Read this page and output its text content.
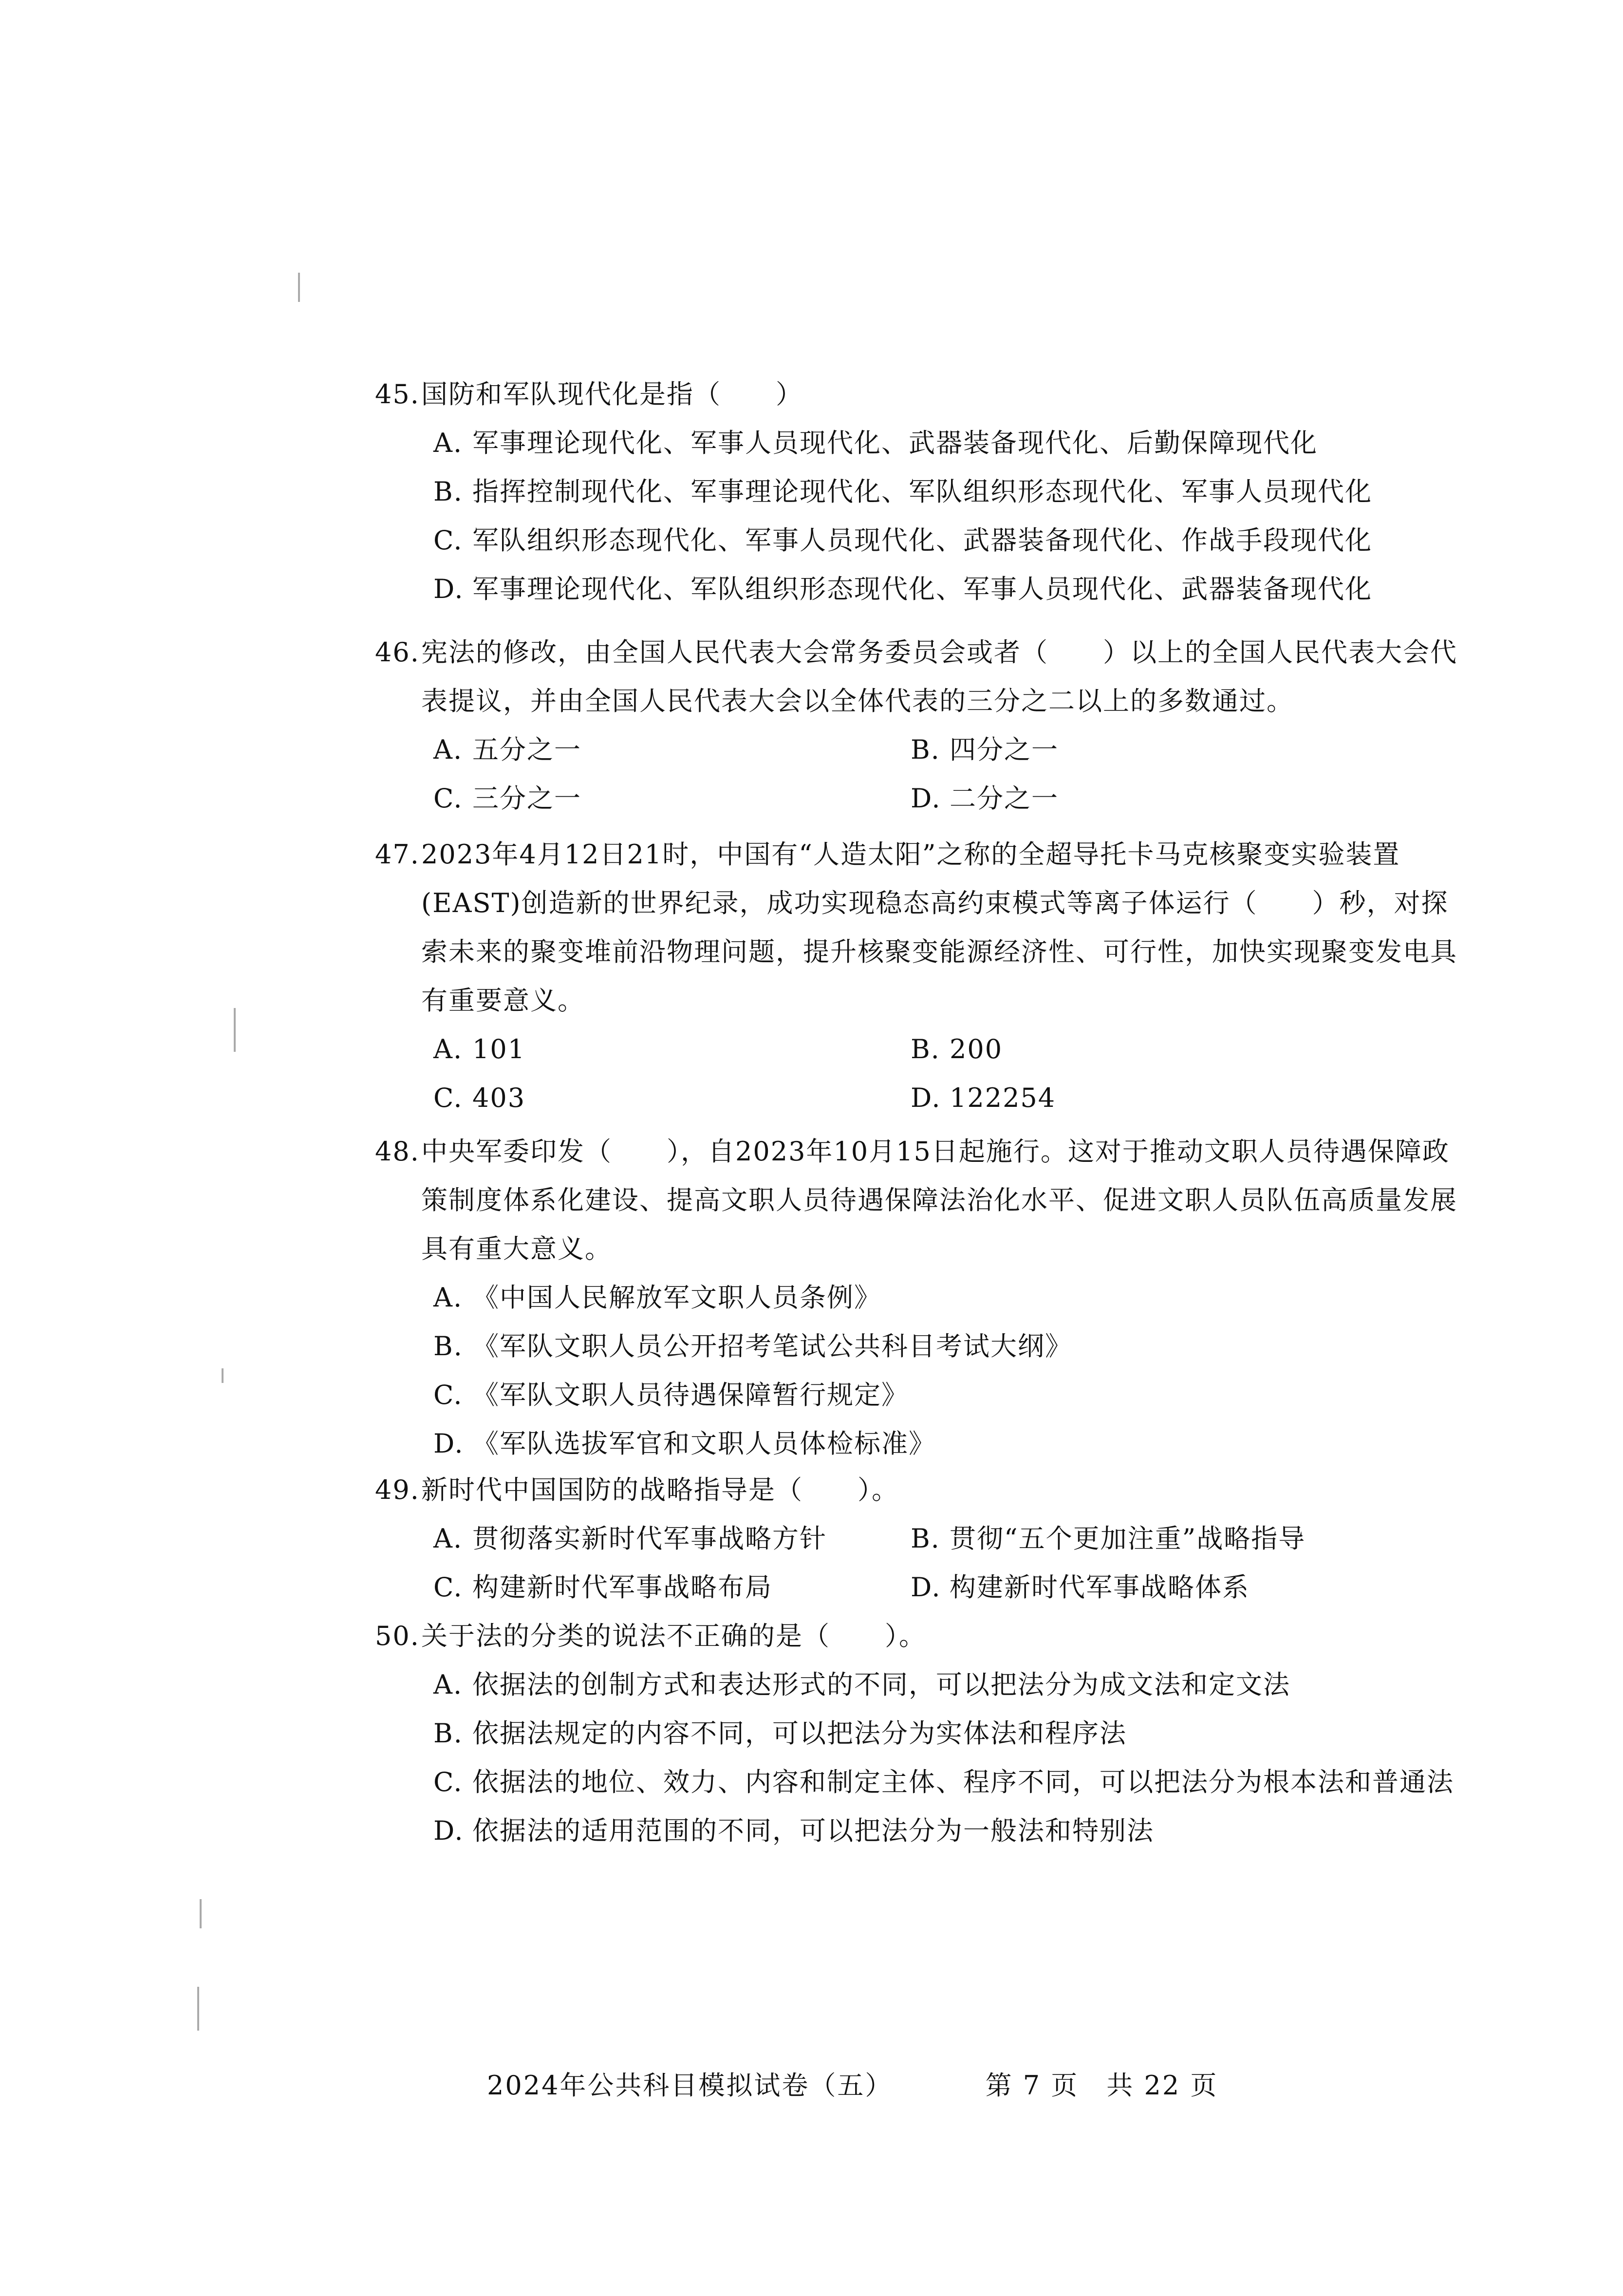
45.国防和军队现代化是指（　　）
A. 军事理论现代化、军事人员现代化、武器装备现代化、后勤保障现代化
B. 指挥控制现代化、军事理论现代化、军队组织形态现代化、军事人员现代化
C. 军队组织形态现代化、军事人员现代化、武器装备现代化、作战手段现代化
D. 军事理论现代化、军队组织形态现代化、军事人员现代化、武器装备现代化
46.宪法的修改，由全国人民代表大会常务委员会或者（　　）以上的全国人民代表大会代表提议，并由全国人民代表大会以全体代表的三分之二以上的多数通过。
A. 五分之一	B. 四分之一
C. 三分之一	D. 二分之一
47.2023年4月12日21时，中国有“人造太阳”之称的全超导托卡马克核聚变实验装置(EAST)创造新的世界纪录，成功实现稳态高约束模式等离子体运行（　　）秒，对探索未来的聚变堆前沿物理问题，提升核聚变能源经济性、可行性，加快实现聚变发电具有重要意义。
A. 101	B. 200
C. 403	D. 122254
48.中央军委印发（　　），自2023年10月15日起施行。这对于推动文职人员待遇保障政策制度体系化建设、提高文职人员待遇保障法治化水平、促进文职人员队伍高质量发展具有重大意义。
A. 《中国人民解放军文职人员条例》
B. 《军队文职人员公开招考笔试公共科目考试大纲》
C. 《军队文职人员待遇保障暂行规定》
D. 《军队选拔军官和文职人员体检标准》
49.新时代中国国防的战略指导是（　　）。
A. 贯彻落实新时代军事战略方针	B. 贯彻“五个更加注重”战略指导
C. 构建新时代军事战略布局	D. 构建新时代军事战略体系
50.关于法的分类的说法不正确的是（　　）。
A. 依据法的创制方式和表达形式的不同，可以把法分为成文法和定文法
B. 依据法规定的内容不同，可以把法分为实体法和程序法
C. 依据法的地位、效力、内容和制定主体、程序不同，可以把法分为根本法和普通法
D. 依据法的适用范围的不同，可以把法分为一般法和特别法
2024年公共科目模拟试卷（五）	第 7 页　共 22 页
